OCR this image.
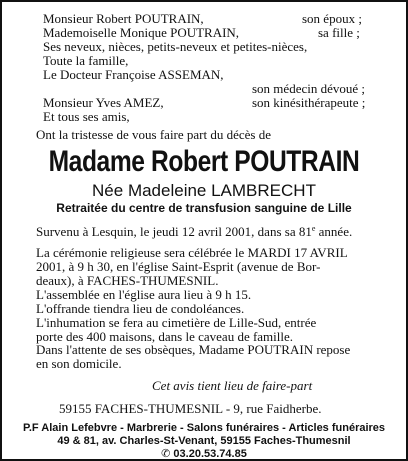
Monsieur Robert POUTRAIN,	son époux ;
Mademoiselle Monique POUTRAIN,	sa fille ;
Ses neveux, nièces, petits-neveux et petites-nièces,
Toute la famille,
Le Docteur Françoise ASSEMAN,
son médecin dévoué ;
Monsieur Yves AMEZ,	son kinésithérapeute ;
Et tous ses amis,
Ont la tristesse de vous faire part du décès de
Madame Robert POUTRAIN
Née Madeleine LAMBRECHT
Retraitée du centre de transfusion sanguine de Lille
Survenu à Lesquin, le jeudi 12 avril 2001, dans sa 81e année.
La cérémonie religieuse sera célébrée le MARDI 17 AVRIL
2001, à 9 h 30, en l'église Saint-Esprit (avenue de Bor-
deaux), à FACHES-THUMESNIL.
L'assemblée en l'église aura lieu à 9 h 15.
L'offrande tiendra lieu de condoléances.
L'inhumation se fera au cimetière de Lille-Sud, entrée
porte des 400 maisons, dans le caveau de famille.
Dans l'attente de ses obsèques, Madame POUTRAIN repose
en son domicile.
Cet avis tient lieu de faire-part
59155 FACHES-THUMESNIL - 9, rue Faidherbe.
P.F Alain Lefebvre - Marbrerie - Salons funéraires - Articles funéraires
49 & 81, av. Charles-St-Venant, 59155 Faches-Thumesnil
✆ 03.20.53.74.85
